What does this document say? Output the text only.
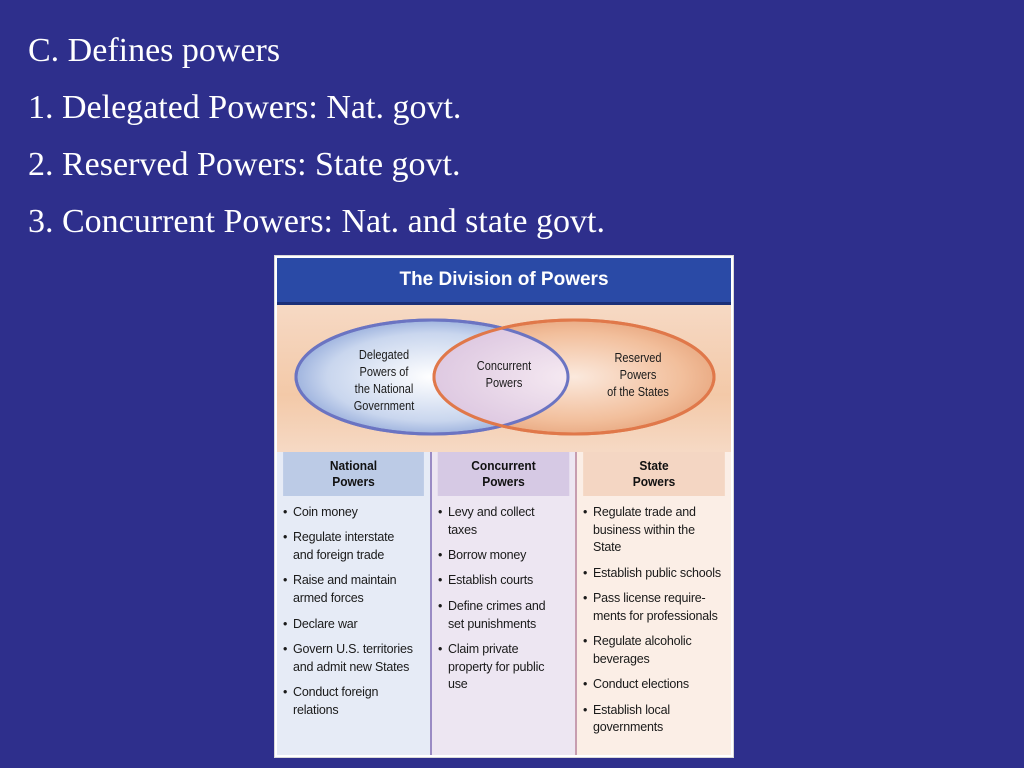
C. Defines powers
1. Delegated Powers: Nat. govt.
2. Reserved Powers: State govt.
3. Concurrent Powers: Nat. and state govt.
The Division of Powers
Delegated
Powers of
the National
Government
Concurrent
Powers
Reserved
Powers
of the States
National
Powers
• Coin money
• Regulate interstate
and foreign trade
• Raise and maintain
armed forces
• Declare war
• Govern U.S. territories
and admit new States
• Conduct foreign
relations
Concurrent
Powers
• Levy and collect
taxes
• Borrow money
• Establish courts
• Define crimes and
set punishments
• Claim private
property for public
use
State
Powers
• Regulate trade and
business within the
State
• Establish public schools
• Pass license require-
ments for professionals
• Regulate alcoholic
beverages
• Conduct elections
• Establish local
governments
